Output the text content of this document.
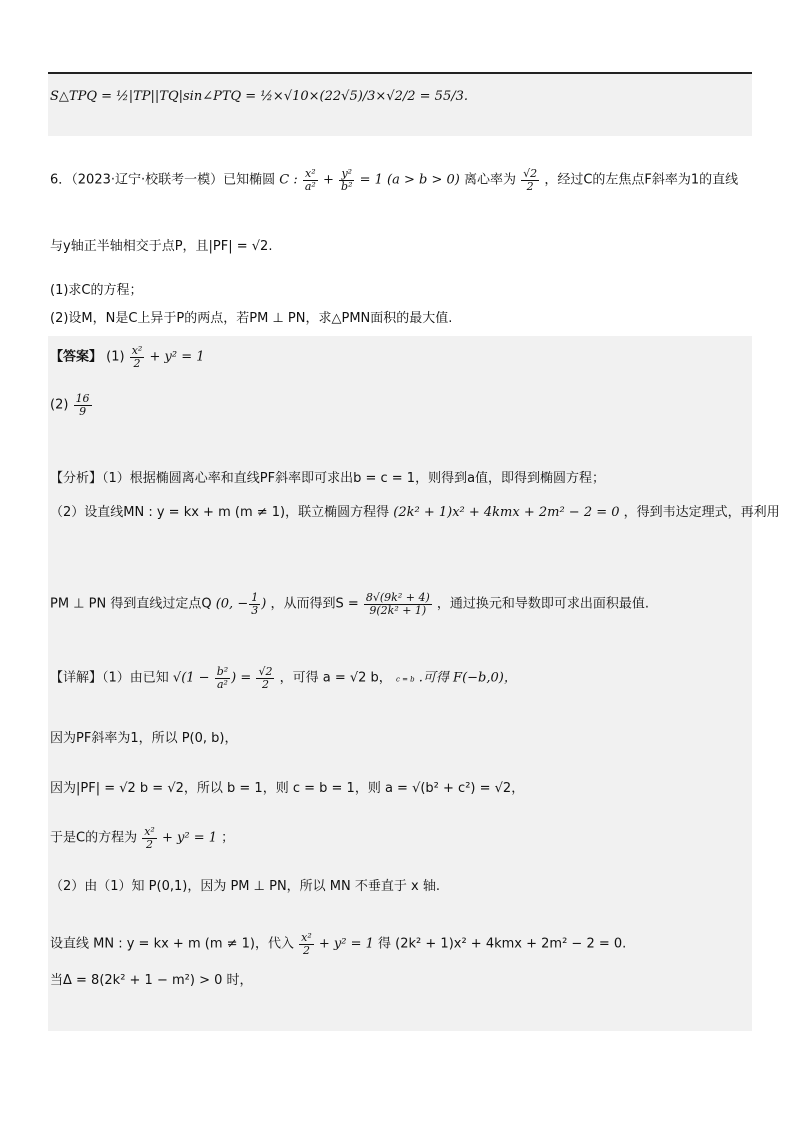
S△TPQ = ½|TP||TQ|sin∠PTQ = ½×√10×(22√5)/3×√2/2 = 55/3.
6．（2023·辽宁·校联考一模）已知椭圆 C : $\frac{\text{x²}}{\text{a²}} + \frac{\text{y²}}{\text{b²}} = 1$ (a > b > 0) 离心率为 $\frac{√2}{2}$ ，经过C的左焦点F斜率为1的直线
与y轴正半轴相交于点P，且|PF| = √2.
(1)求C的方程；
(2)设M，N是C上异于P的两点，若PM ⊥ PN，求△PMN面积的最大值.
【答案】 $(1) \frac{\text{x²}}{2} + y^2 = 1$
$(2) \frac{16}{9}$
【分析】（1）根据椭圆离心率和直线PF斜率即可求出b = c = 1，则得到a值，即得到椭圆方程；
（2）设直线MN : y = kx + m (m ≠ 1)，联立椭圆方程得 (2k² + 1)x² + 4kmx + 2m² − 2 = 0 ，得到韦达定理式，再利用
PM ⊥ PN 得到直线过定点Q (0, − $\frac{1}{3}$ ) ，从而得到$S = \frac{\text{8√(9k² + 4)}}{\text{9(2k² + 1)}}$ ，通过换元和导数即可求出面积最值.
【详解】（1）由已知 $√(1 - \frac{\text{b²}}{\text{a²}}$ ) = $\frac{√2}{2}$ ，可得 a = √2 b， c = b .可得 F(−b,0)，
因为PF斜率为1，所以 P(0, b)，
因为|PF| = √2 b = √2，所以 b = 1，则 c = b = 1，则 a = √(b² + c²) = √2，
于是C的方程为 $\frac{\text{x²}}{2} + y^2 = 1$ ；
（2）由（1）知 P(0,1)，因为 PM ⊥ PN，所以 MN 不垂直于 x 轴.
设直线 MN : y = kx + m (m ≠ 1)，代入 $\frac{\text{x²}}{2} + y^2 = 1$ 得 (2k² + 1)x² + 4kmx + 2m² − 2 = 0.
当Δ = 8(2k² + 1 − m²) > 0 时，
